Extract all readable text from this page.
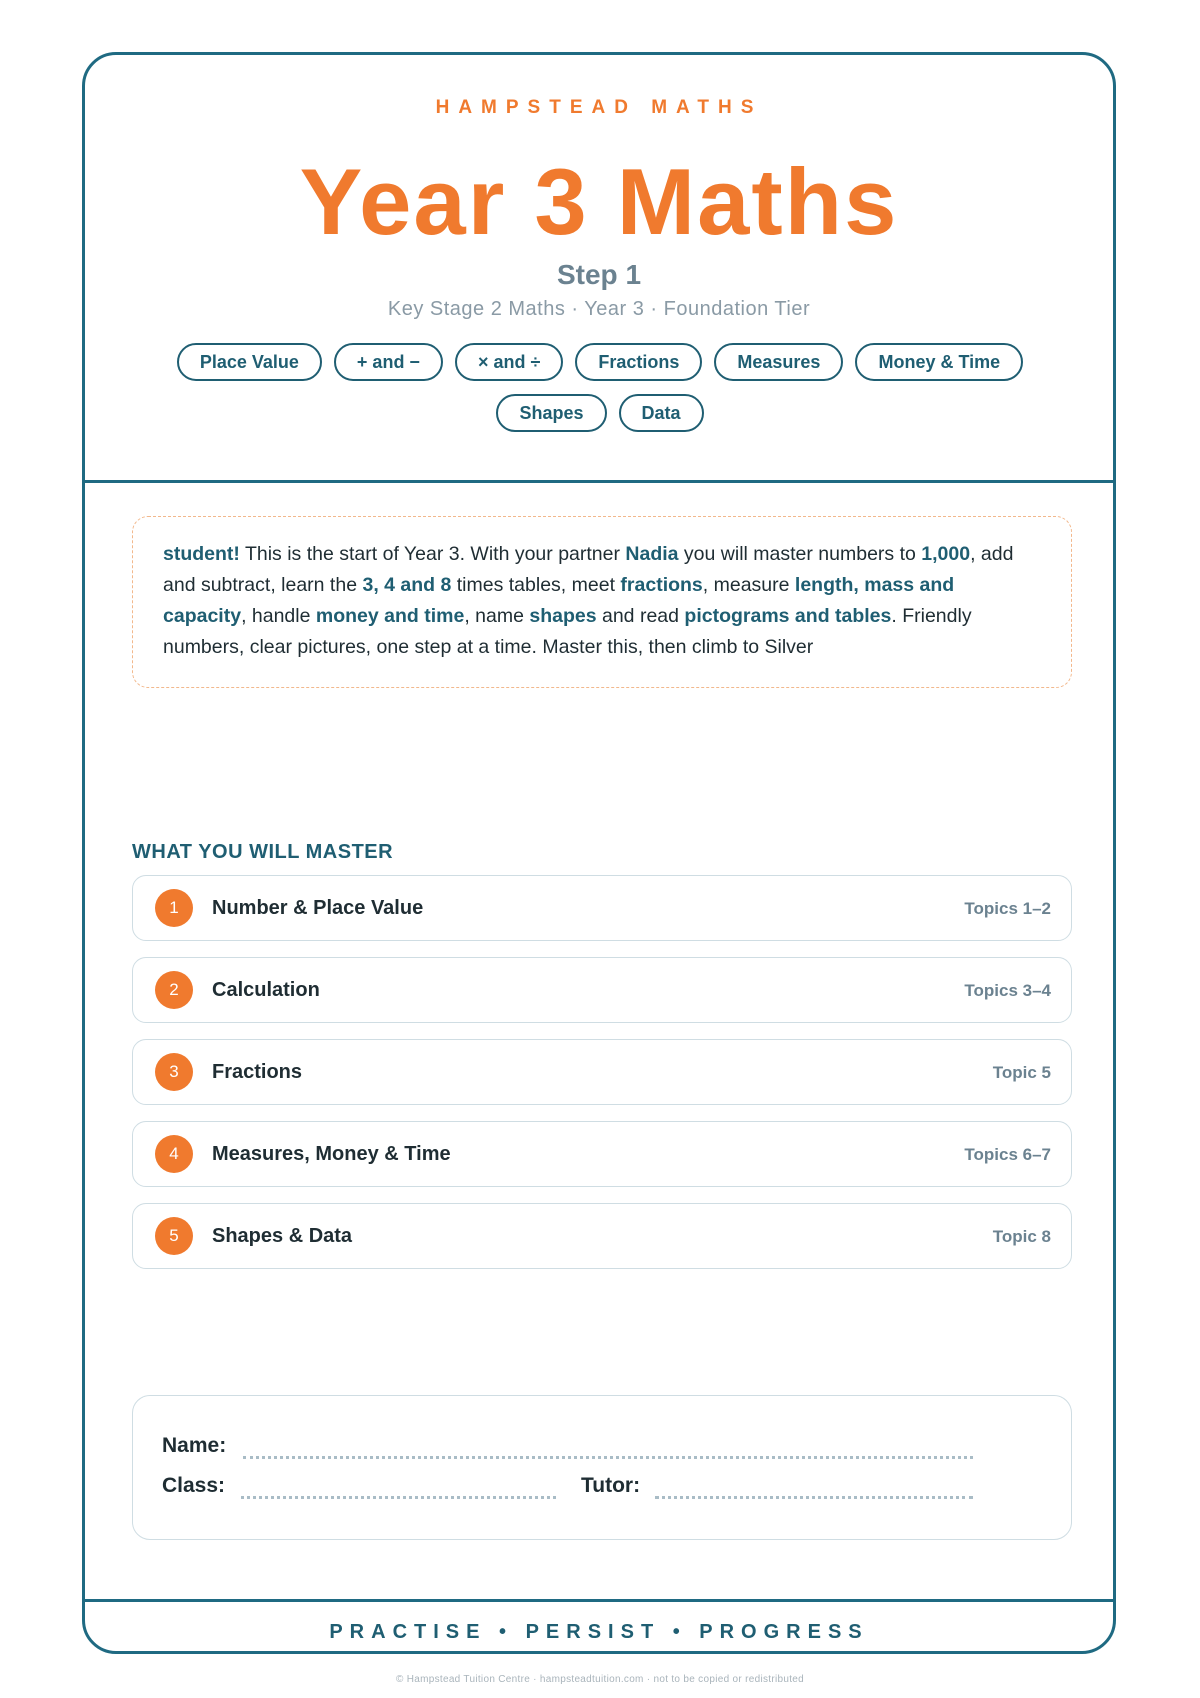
HAMPSTEAD MATHS
Year 3 Maths
Step 1
Key Stage 2 Maths · Year 3 · Foundation Tier
Place Value	+ and −	× and ÷	Fractions	Measures	Money & Time
Shapes	Data
student! This is the start of Year 3. With your partner Nadia you will master numbers to 1,000, add and subtract, learn the 3, 4 and 8 times tables, meet fractions, measure length, mass and capacity, handle money and time, name shapes and read pictograms and tables. Friendly numbers, clear pictures, one step at a time. Master this, then climb to Silver
WHAT YOU WILL MASTER
1	Number & Place Value	Topics 1–2
2	Calculation	Topics 3–4
3	Fractions	Topic 5
4	Measures, Money & Time	Topics 6–7
5	Shapes & Data	Topic 8
Name:
Class:	Tutor:
PRACTISE • PERSIST • PROGRESS
© Hampstead Tuition Centre · hampsteadtuition.com · not to be copied or redistributed
